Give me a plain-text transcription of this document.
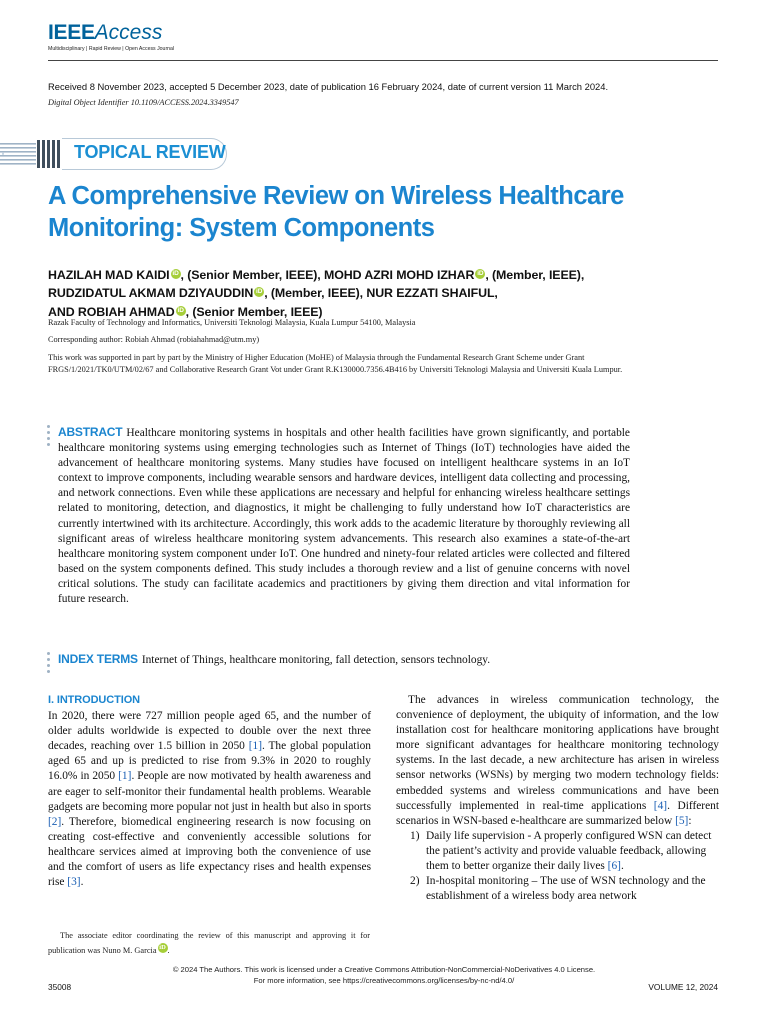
IEEEAccess
Multidisciplinary | Rapid Review | Open Access Journal
Received 8 November 2023, accepted 5 December 2023, date of publication 16 February 2024, date of current version 11 March 2024.
Digital Object Identifier 10.1109/ACCESS.2024.3349547
TOPICAL REVIEW
A Comprehensive Review on Wireless Healthcare Monitoring: System Components
HAZILAH MAD KAIDI iD , (Senior Member, IEEE), MOHD AZRI MOHD IZHAR iD , (Member, IEEE),
RUDZIDATUL AKMAM DZIYAUDDIN iD , (Member, IEEE), NUR EZZATI SHAIFUL,
AND ROBIAH AHMAD iD , (Senior Member, IEEE)
Razak Faculty of Technology and Informatics, Universiti Teknologi Malaysia, Kuala Lumpur 54100, Malaysia
Corresponding author: Robiah Ahmad (robiahahmad@utm.my)
This work was supported in part by part by the Ministry of Higher Education (MoHE) of Malaysia through the Fundamental Research Grant Scheme under Grant FRGS/1/2021/TK0/UTM/02/67 and Collaborative Research Grant Vot under Grant R.K130000.7356.4B416 by Universiti Teknologi Malaysia and Universiti Kuala Lumpur.
ABSTRACT Healthcare monitoring systems in hospitals and other health facilities have grown significantly, and portable healthcare monitoring systems using emerging technologies such as Internet of Things (IoT) technologies have aided the advancement of healthcare monitoring systems. Many studies have focused on intelligent healthcare systems in an IoT context to improve components, including wearable sensors and hardware devices, intelligent data collecting and processing, and network connections. Even while these applications are necessary and helpful for enhancing wireless healthcare settings related to monitoring, detection, and diagnostics, it might be challenging to fully understand how IoT characteristics are currently intertwined with its architecture. Accordingly, this work adds to the academic literature by thoroughly reviewing all significant areas of wireless healthcare monitoring system advancements. This research also examines a state-of-the-art healthcare monitoring system component under IoT. One hundred and ninety-four related articles were collected and filtered based on the system components defined. This study includes a thorough review and a list of genuine concerns with novel critical solutions. The study can facilitate academics and practitioners by giving them direction and vital information for future research.
INDEX TERMS Internet of Things, healthcare monitoring, fall detection, sensors technology.
I. INTRODUCTION
In 2020, there were 727 million people aged 65, and the number of older adults worldwide is expected to double over the next three decades, reaching over 1.5 billion in 2050 [1]. The global population aged 65 and up is predicted to rise from 9.3% in 2020 to roughly 16.0% in 2050 [1]. People are now motivated by health awareness and are eager to self-monitor their fundamental health problems. Wearable gadgets are becoming more popular not just in health but also in sports [2]. Therefore, biomedical engineering research is now focusing on creating cost-effective and conveniently accessible solutions for healthcare services aimed at improving both the convenience of use and the comfort of users as life expectancy rises and health expenses rise [3].
The associate editor coordinating the review of this manuscript and approving it for publication was Nuno M. Garcia iD .
The advances in wireless communication technology, the convenience of deployment, the ubiquity of information, and the low installation cost for healthcare monitoring applications have brought more significant advantages for healthcare monitoring technology systems. In the last decade, a new architecture has arisen in wireless sensor networks (WSNs) by merging two modern technology fields: embedded systems and wireless communications and have been successfully implemented in real-time applications [4]. Different scenarios in WSN-based e-healthcare are summarized below [5]:
1) Daily life supervision - A properly configured WSN can detect the patient’s activity and provide valuable feedback, allowing them to better organize their daily lives [6].
2) In-hospital monitoring – The use of WSN technology and the establishment of a wireless body area network
© 2024 The Authors. This work is licensed under a Creative Commons Attribution-NonCommercial-NoDerivatives 4.0 License.
For more information, see https://creativecommons.org/licenses/by-nc-nd/4.0/
35008	VOLUME 12, 2024
